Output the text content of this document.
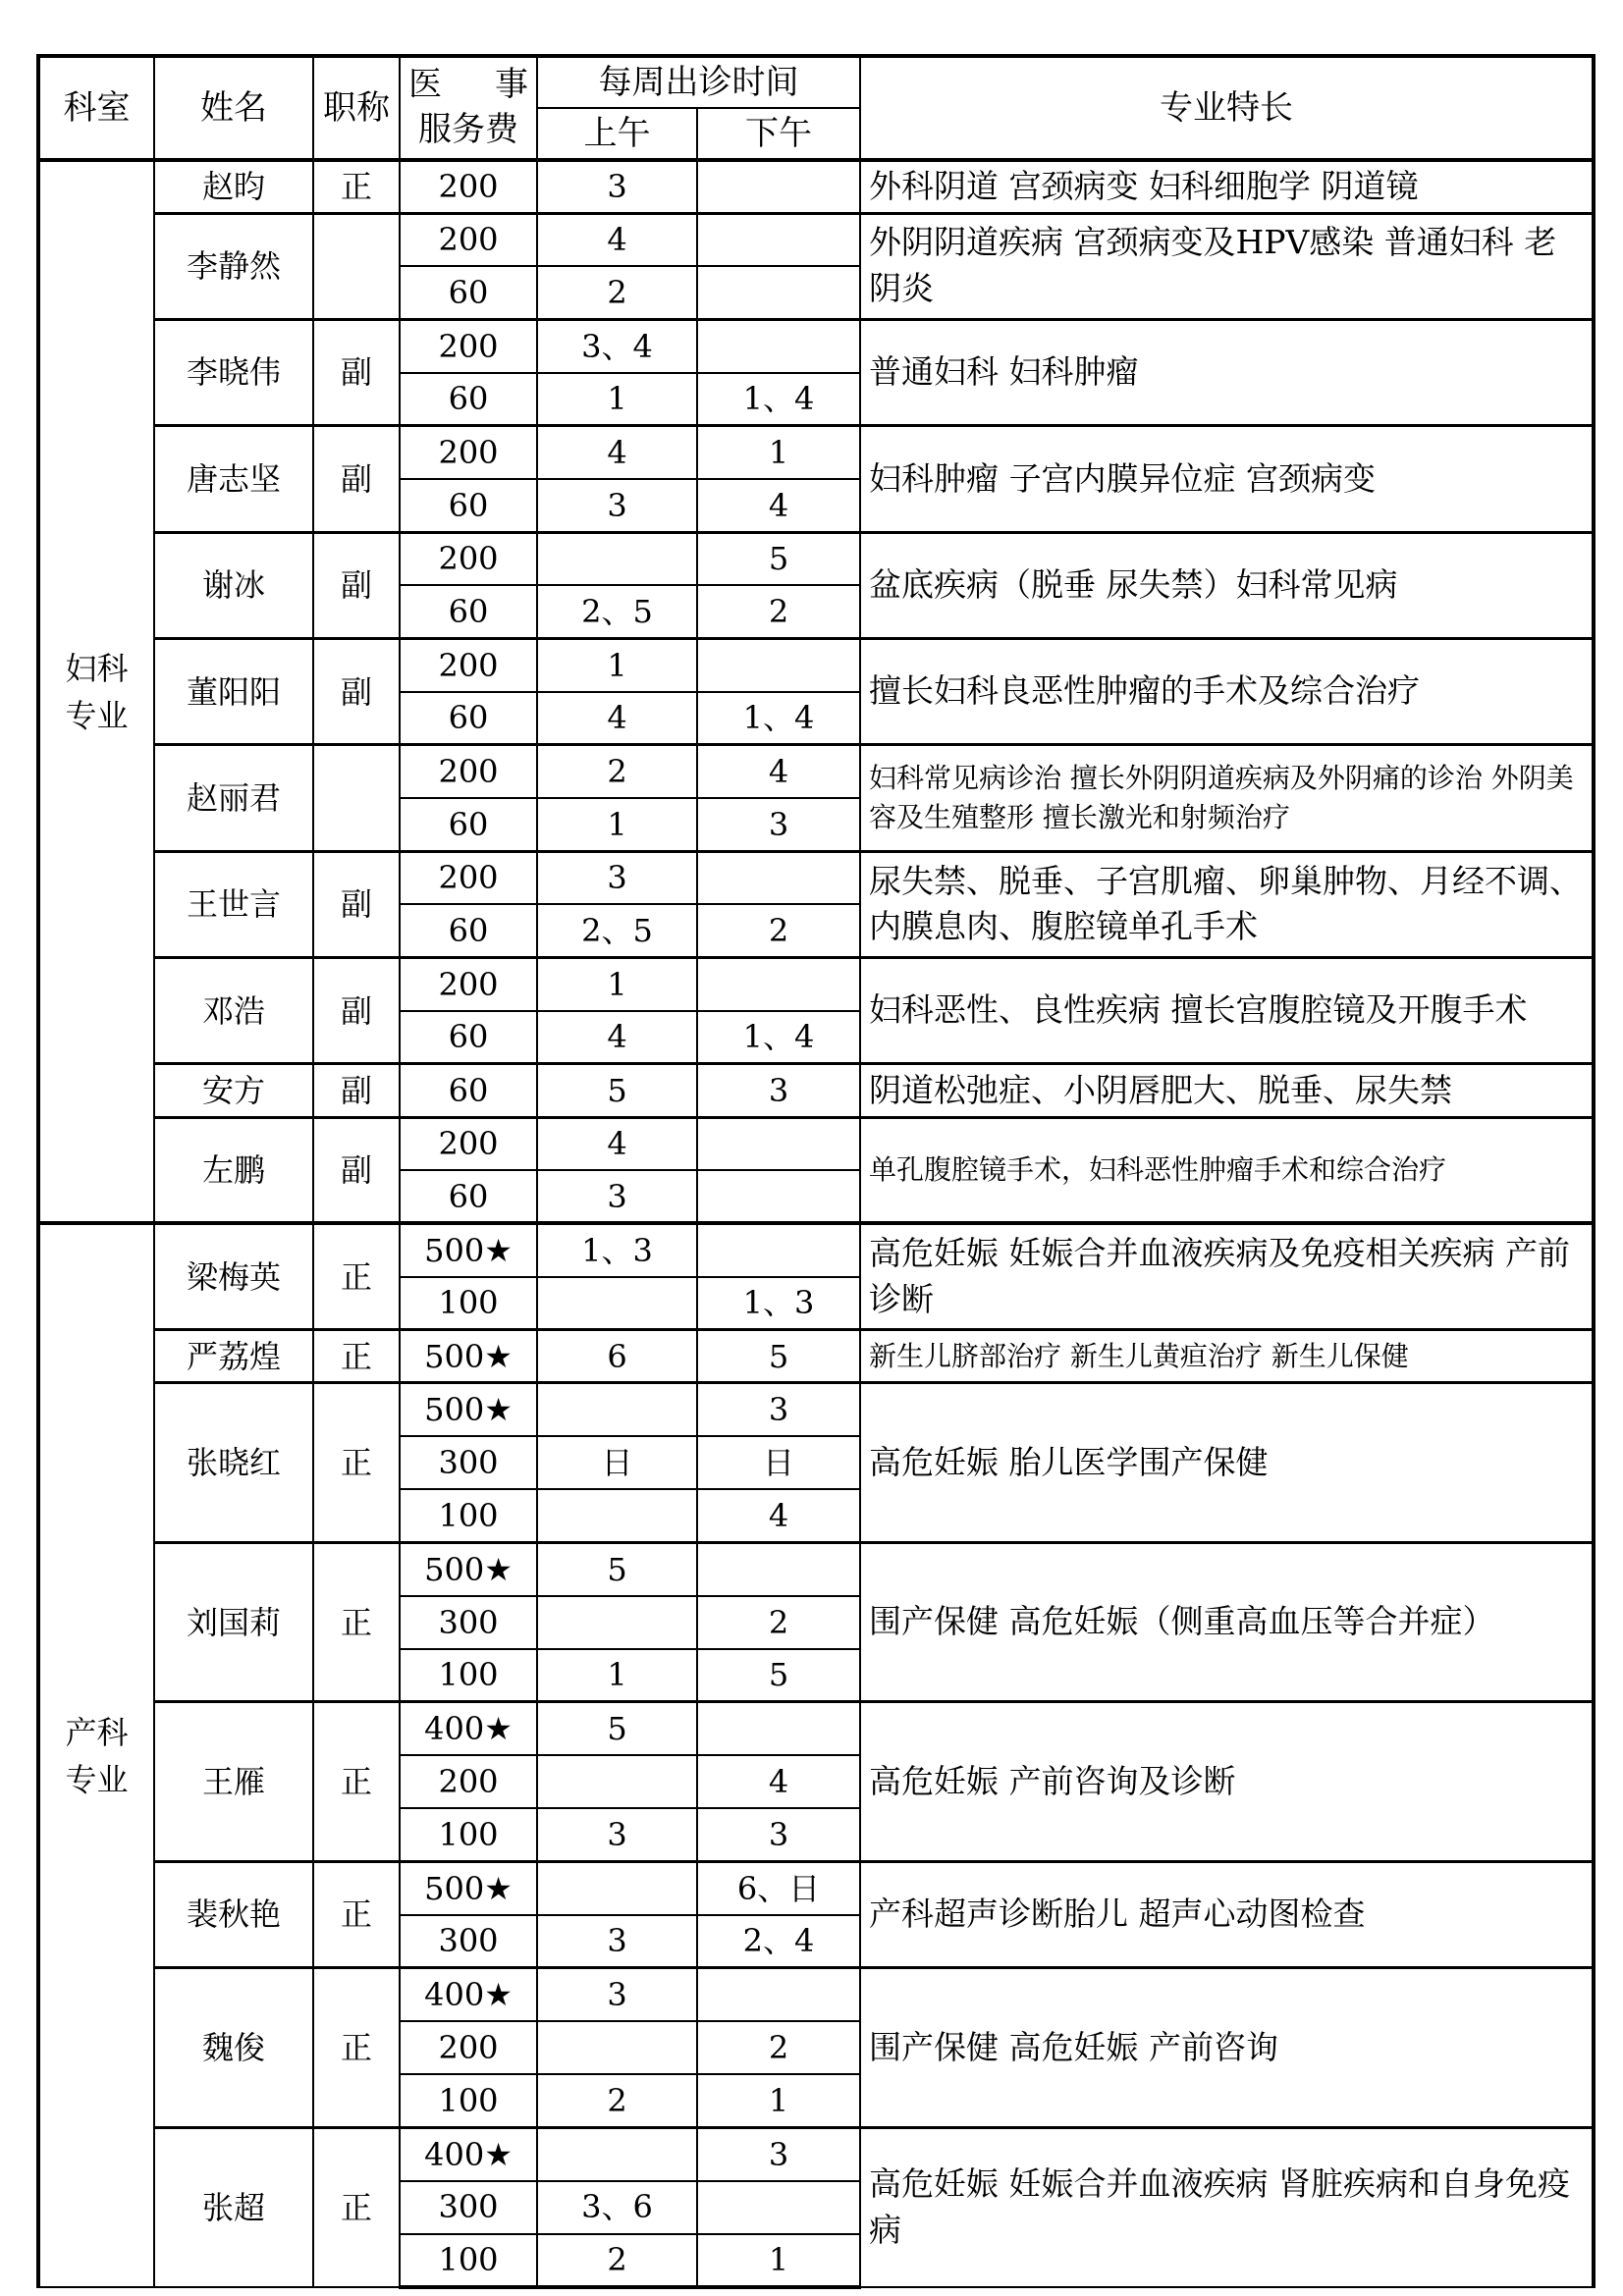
科室	姓名	职称	医 事
服务费	每周出诊时间		专业特长
				上午	下午	
妇科
专业	赵昀	正	200	3		外科阴道 宫颈病变 妇科细胞学 阴道镜
	李静然		200	4		外阴阴道疾病 宫颈病变及HPV感染 普通妇科 老阴炎
			60	2		
	李晓伟	副	200	3、4		普通妇科 妇科肿瘤
			60	1	1、4	
	唐志坚	副	200	4	1	妇科肿瘤 子宫内膜异位症 宫颈病变
			60	3	4	
	谢冰	副	200		5	盆底疾病（脱垂 尿失禁）妇科常见病
			60	2、5	2	
	董阳阳	副	200	1		擅长妇科良恶性肿瘤的手术及综合治疗
			60	4	1、4	
	赵丽君		200	2	4	妇科常见病诊治 擅长外阴阴道疾病及外阴痛的诊治 外阴美容及生殖整形 擅长激光和射频治疗
			60	1	3	
	王世言	副	200	3		尿失禁、脱垂、子宫肌瘤、卵巢肿物、月经不调、内膜息肉、腹腔镜单孔手术
			60	2、5	2	
	邓浩	副	200	1		妇科恶性、良性疾病 擅长宫腹腔镜及开腹手术
			60	4	1、4	
	安方	副	60	5	3	阴道松弛症、小阴唇肥大、脱垂、尿失禁
	左鹏	副	200	4		单孔腹腔镜手术，妇科恶性肿瘤手术和综合治疗
			60	3		
产科
专业	梁梅英	正	500★	1、3		高危妊娠 妊娠合并血液疾病及免疫相关疾病 产前诊断
			100		1、3	
	严荔煌	正	500★	6	5	新生儿脐部治疗 新生儿黄疸治疗 新生儿保健
	张晓红	正	500★		3	高危妊娠 胎儿医学围产保健
			300	日	日	
			100		4	
	刘国莉	正	500★	5		围产保健 高危妊娠（侧重高血压等合并症）
			300		2	
			100	1	5	
	王雁	正	400★	5		高危妊娠 产前咨询及诊断
			200		4	
			100	3	3	
	裴秋艳	正	500★		6、日	产科超声诊断胎儿 超声心动图检查
			300	3	2、4	
	魏俊	正	400★	3		围产保健 高危妊娠 产前咨询
			200		2	
			100	2	1	
	张超	正	400★		3	高危妊娠 妊娠合并血液疾病 肾脏疾病和自身免疫病
			300	3、6		
			100	2	1	
